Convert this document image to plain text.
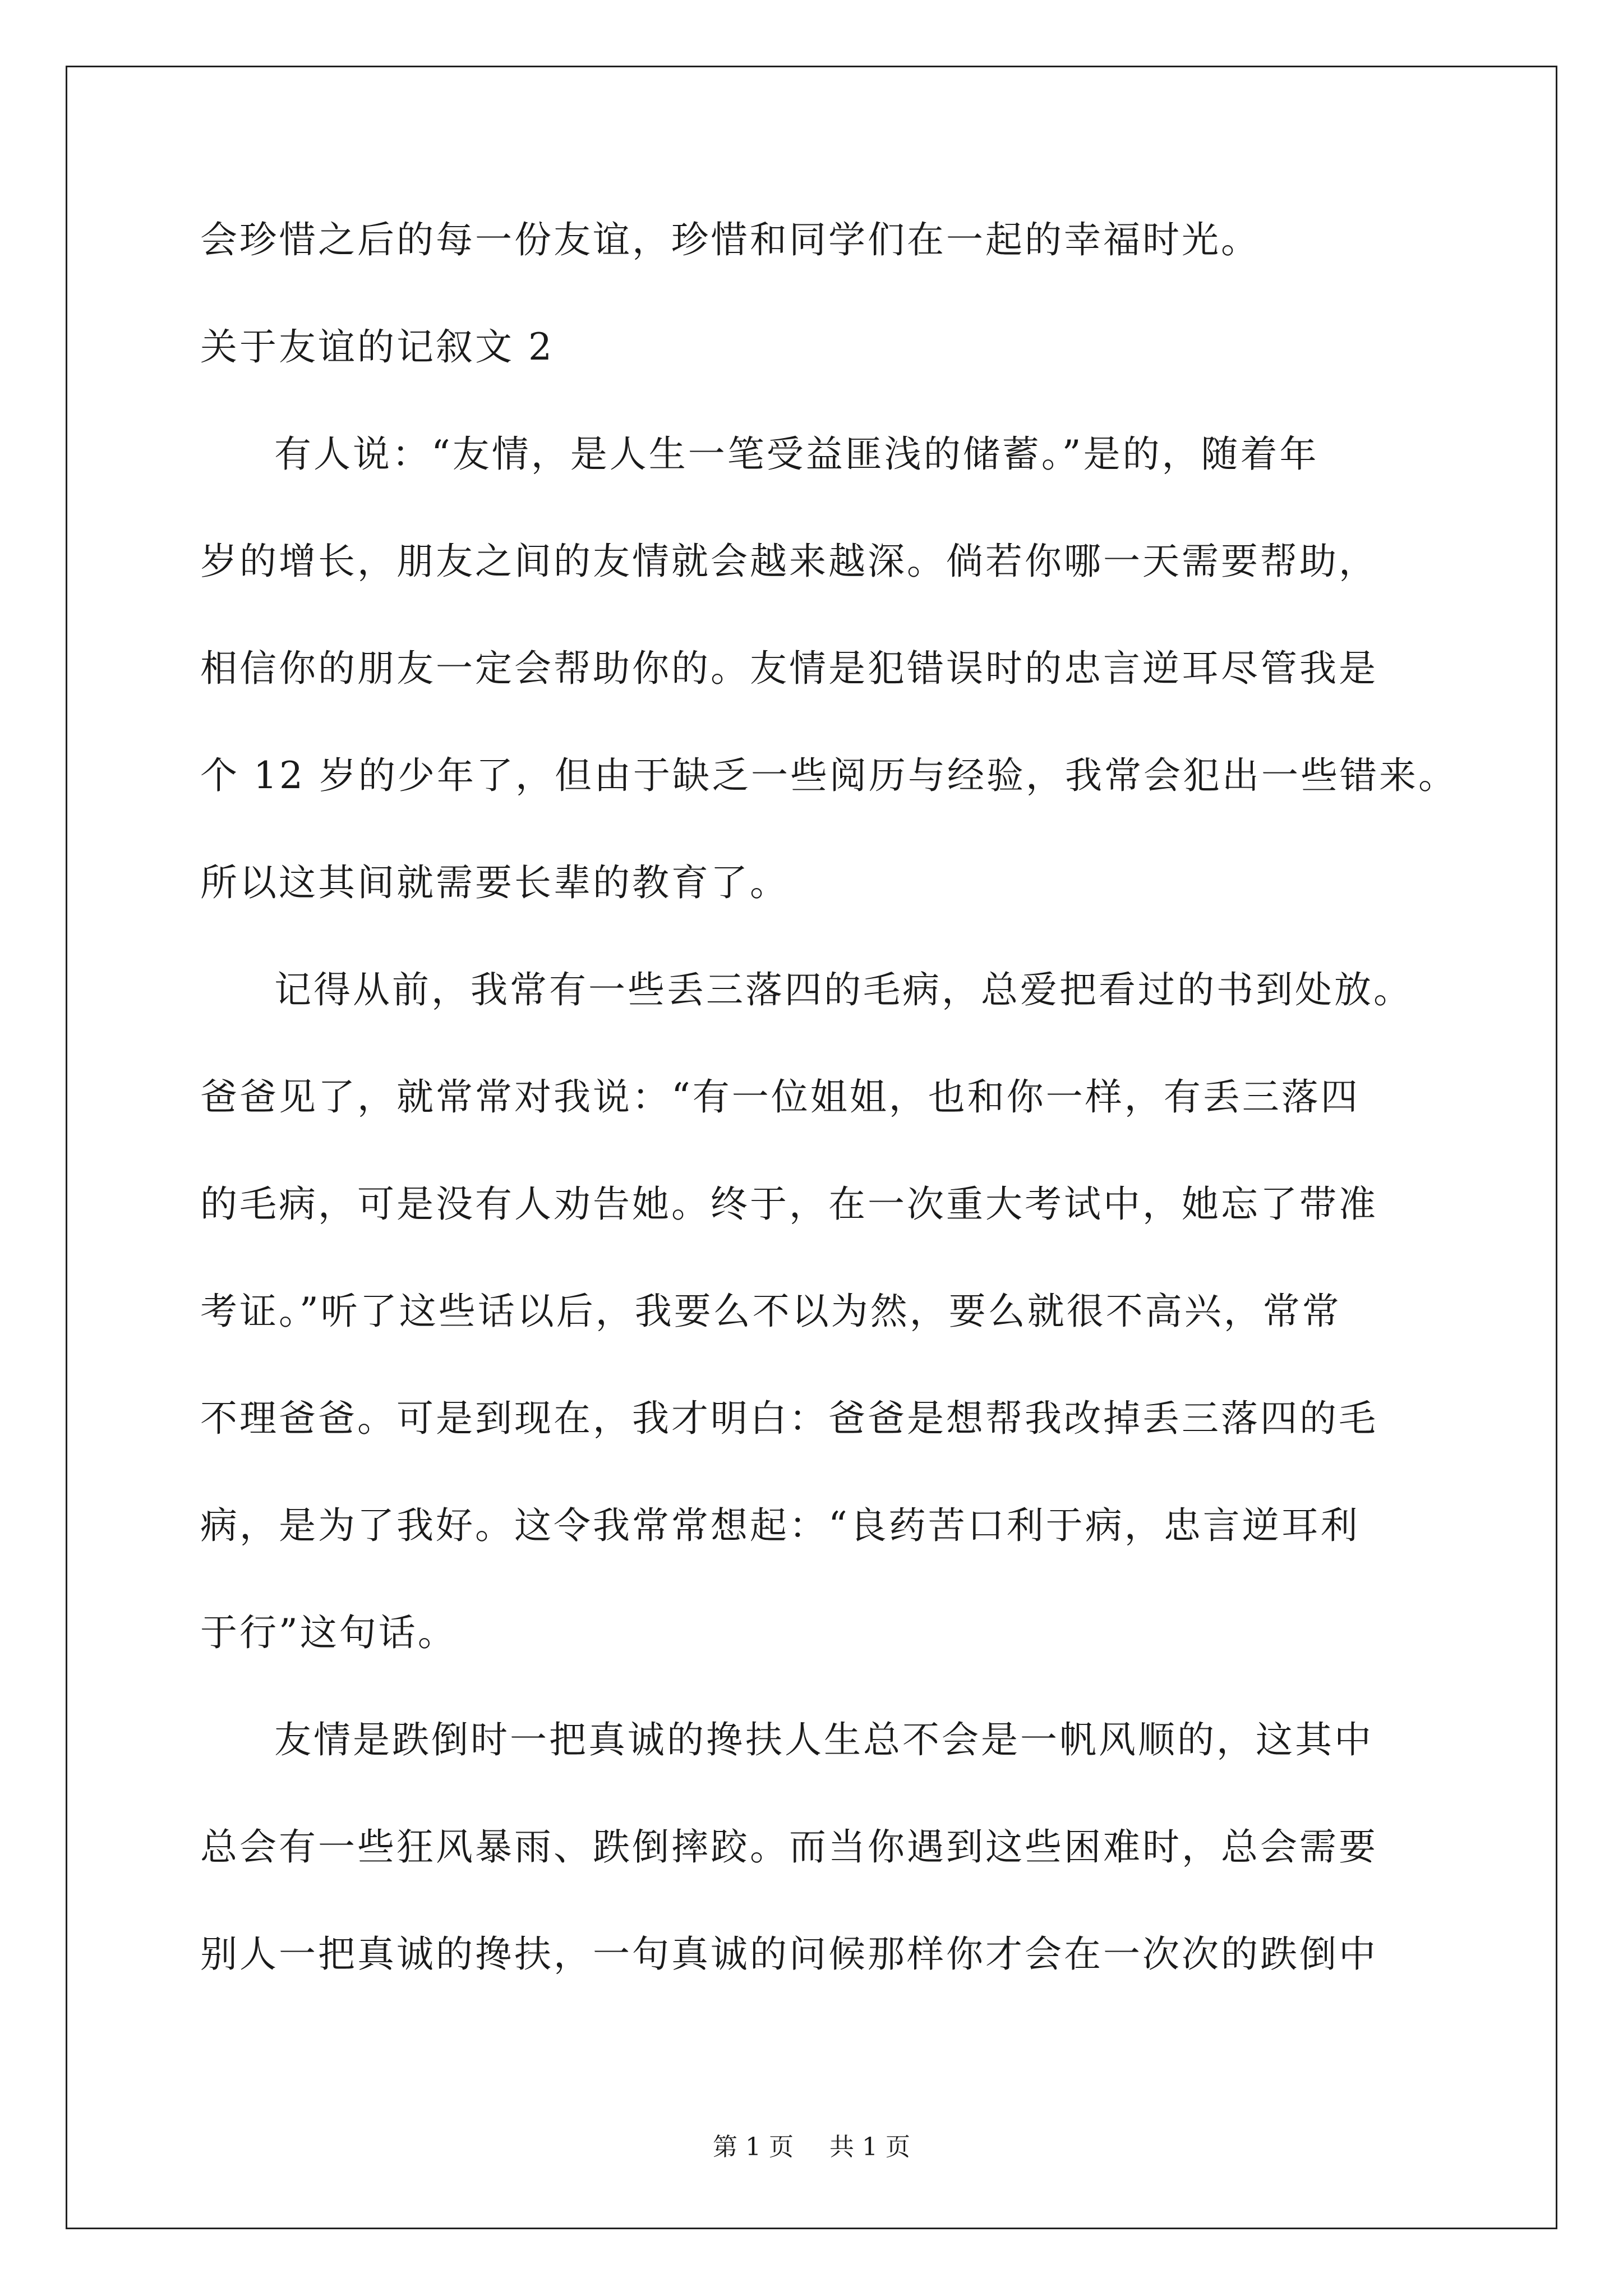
会珍惜之后的每一份友谊，珍惜和同学们在一起的幸福时光。
关于友谊的记叙文 2
有人说：“友情，是人生一笔受益匪浅的储蓄。”是的，随着年
岁的增长，朋友之间的友情就会越来越深。倘若你哪一天需要帮助，
相信你的朋友一定会帮助你的。友情是犯错误时的忠言逆耳尽管我是
个 12 岁的少年了，但由于缺乏一些阅历与经验，我常会犯出一些错来。
所以这其间就需要长辈的教育了。
记得从前，我常有一些丢三落四的毛病，总爱把看过的书到处放。
爸爸见了，就常常对我说：“有一位姐姐，也和你一样，有丢三落四
的毛病，可是没有人劝告她。终于，在一次重大考试中，她忘了带准
考证。”听了这些话以后，我要么不以为然，要么就很不高兴，常常
不理爸爸。可是到现在，我才明白：爸爸是想帮我改掉丢三落四的毛
病，是为了我好。这令我常常想起：“良药苦口利于病，忠言逆耳利
于行”这句话。
友情是跌倒时一把真诚的搀扶人生总不会是一帆风顺的，这其中
总会有一些狂风暴雨、跌倒摔跤。而当你遇到这些困难时，总会需要
别人一把真诚的搀扶，一句真诚的问候那样你才会在一次次的跌倒中
第 1 页 共 1 页
